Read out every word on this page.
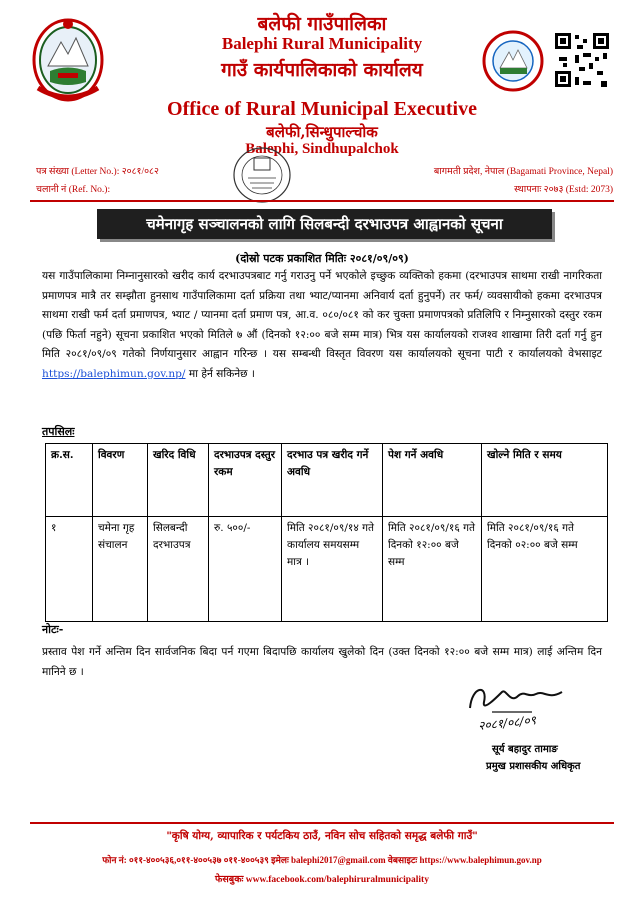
बलेफी गाउँपालिका
Balephi Rural Municipality
गाउँ कार्यपालिकाको कार्यालय
Office of Rural Municipal Executive
बलेफी,सिन्धुपाल्चोक
Balephi, Sindhupalchok
पत्र संख्या (Letter No.): २०८१/०८२
चलानी नं (Ref. No.):
बागमती प्रदेश, नेपाल (Bagamati Province, Nepal)
स्थापनाः २०७३ (Estd: 2073)
चमेनागृह सञ्चालनको लागि सिलबन्दी दरभाउपत्र आह्वानको सूचना
(दोस्रो पटक प्रकाशित मितिः २०८१/०९/०९)
यस गाउँपालिकामा निम्नानुसारको खरीद कार्य दरभाउपत्रबाट गर्नु गराउनु पर्ने भएकोले इच्छुक व्यक्तिको हकमा (दरभाउपत्र साथमा राखी नागरिकता प्रमाणपत्र मात्रै तर सम्झौता हुनसाथ गाउँपालिकामा दर्ता प्रक्रिया तथा भ्याट/प्यानमा अनिवार्य दर्ता हुनुपर्ने) तर फर्म/ व्यवसायीको हकमा दरभाउपत्र साथमा राखी फर्म दर्ता प्रमाणपत्र, भ्याट / प्यानमा दर्ता प्रमाण पत्र, आ.व. ०८०/०८१ को कर चुक्ता प्रमाणपत्रको प्रतिलिपि र निम्नुसारको दस्तुर रकम (पछि फिर्ता नहुने) सूचना प्रकाशित भएको मितिले ७ औं (दिनको १२:०० बजे सम्म मात्र) भित्र यस कार्यालयको राजश्व शाखामा तिरी दर्ता गर्नु हुन मिति २०८१/०९/०९ गतेको निर्णयानुसार आह्वान गरिन्छ । यस सम्बन्धी विस्तृत विवरण यस कार्यालयको सूचना पाटी र कार्यालयको वेभसाइट https://balephimun.gov.np/ मा हेर्न सकिनेछ ।
तपसिलः
क्र.स.	विवरण	खरिद विधि	दरभाउपत्र दस्तुर रकम	दरभाउ पत्र खरीद गर्ने अवधि	पेश गर्ने अवधि	खोल्ने मिति र समय
१	चमेना गृह संचालन	सिलबन्दी दरभाउपत्र	रु. ५००/-	मिति २०८१/०९/१४ गते कार्यालय समयसम्म मात्र ।	मिति २०८१/०९/१६ गते दिनको १२:०० बजे सम्म	मिति २०८१/०९/१६ गते दिनको ०२:०० बजे सम्म
नोटः-
प्रस्ताव पेश गर्ने अन्तिम दिन सार्वजनिक बिदा पर्न गएमा बिदापछि कार्यालय खुलेको दिन (उक्त दिनको १२:०० बजे सम्म मात्र) लाई अन्तिम दिन मानिने छ ।
२०८१/०८/०९
सूर्य बहादुर तामाङ
प्रमुख प्रशासकीय अधिकृत
"कृषि योग्य, व्यापारिक र पर्यटकिय ठाउँ, नविन सोच सहितको समृद्ध बलेफी गाउँ"
फोन नं: ०११-४००५३६,०११-४००५३७ ०११-४००५३९ इमेलः balephi2017@gmail.com वेबसाइटः https://www.balephimun.gov.np
फेसबुकः www.facebook.com/balephiruralmunicipality
